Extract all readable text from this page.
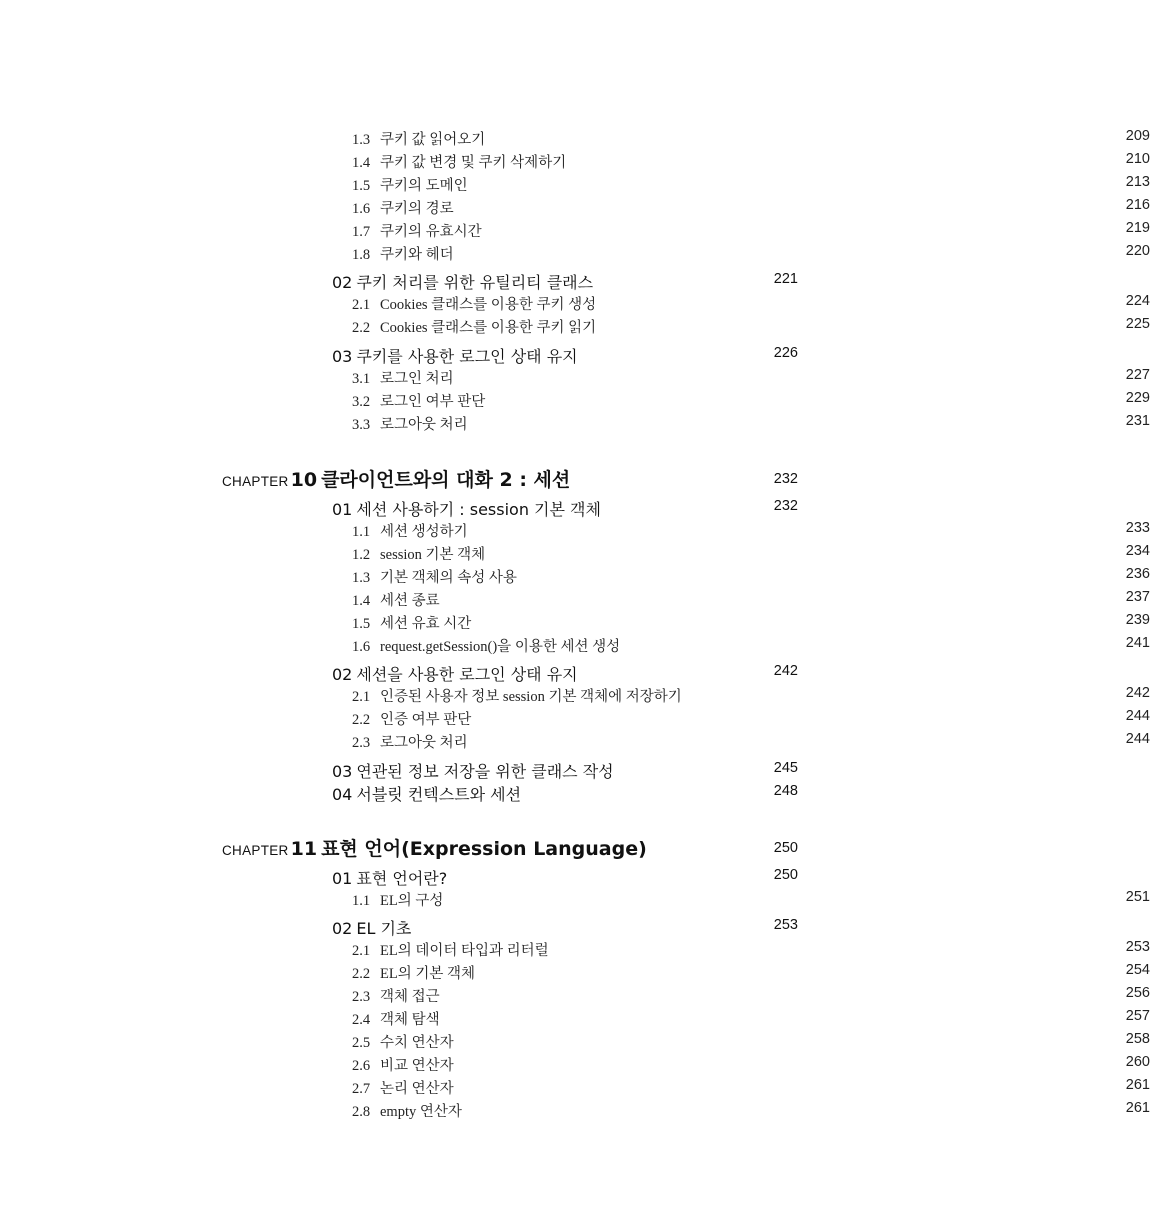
1.3 쿠키 값 읽어오기	209
1.4 쿠키 값 변경 및 쿠키 삭제하기	210
1.5 쿠키의 도메인	213
1.6 쿠키의 경로	216
1.7 쿠키의 유효시간	219
1.8 쿠키와 헤더	220
02 쿠키 처리를 위한 유틸리티 클래스	221
2.1 Cookies 클래스를 이용한 쿠키 생성	224
2.2 Cookies 클래스를 이용한 쿠키 읽기	225
03 쿠키를 사용한 로그인 상태 유지	226
3.1 로그인 처리	227
3.2 로그인 여부 판단	229
3.3 로그아웃 처리	231
CHAPTER 10 클라이언트와의 대화 2 : 세션	232
01 세션 사용하기 : session 기본 객체	232
1.1 세션 생성하기	233
1.2 session 기본 객체	234
1.3 기본 객체의 속성 사용	236
1.4 세션 종료	237
1.5 세션 유효 시간	239
1.6 request.getSession()을 이용한 세션 생성	241
02 세션을 사용한 로그인 상태 유지	242
2.1 인증된 사용자 정보 session 기본 객체에 저장하기	242
2.2 인증 여부 판단	244
2.3 로그아웃 처리	244
03 연관된 정보 저장을 위한 클래스 작성	245
04 서블릿 컨텍스트와 세션	248
CHAPTER 11 표현 언어(Expression Language)	250
01 표현 언어란?	250
1.1 EL의 구성	251
02 EL 기초	253
2.1 EL의 데이터 타입과 리터럴	253
2.2 EL의 기본 객체	254
2.3 객체 접근	256
2.4 객체 탐색	257
2.5 수치 연산자	258
2.6 비교 연산자	260
2.7 논리 연산자	261
2.8 empty 연산자	261
